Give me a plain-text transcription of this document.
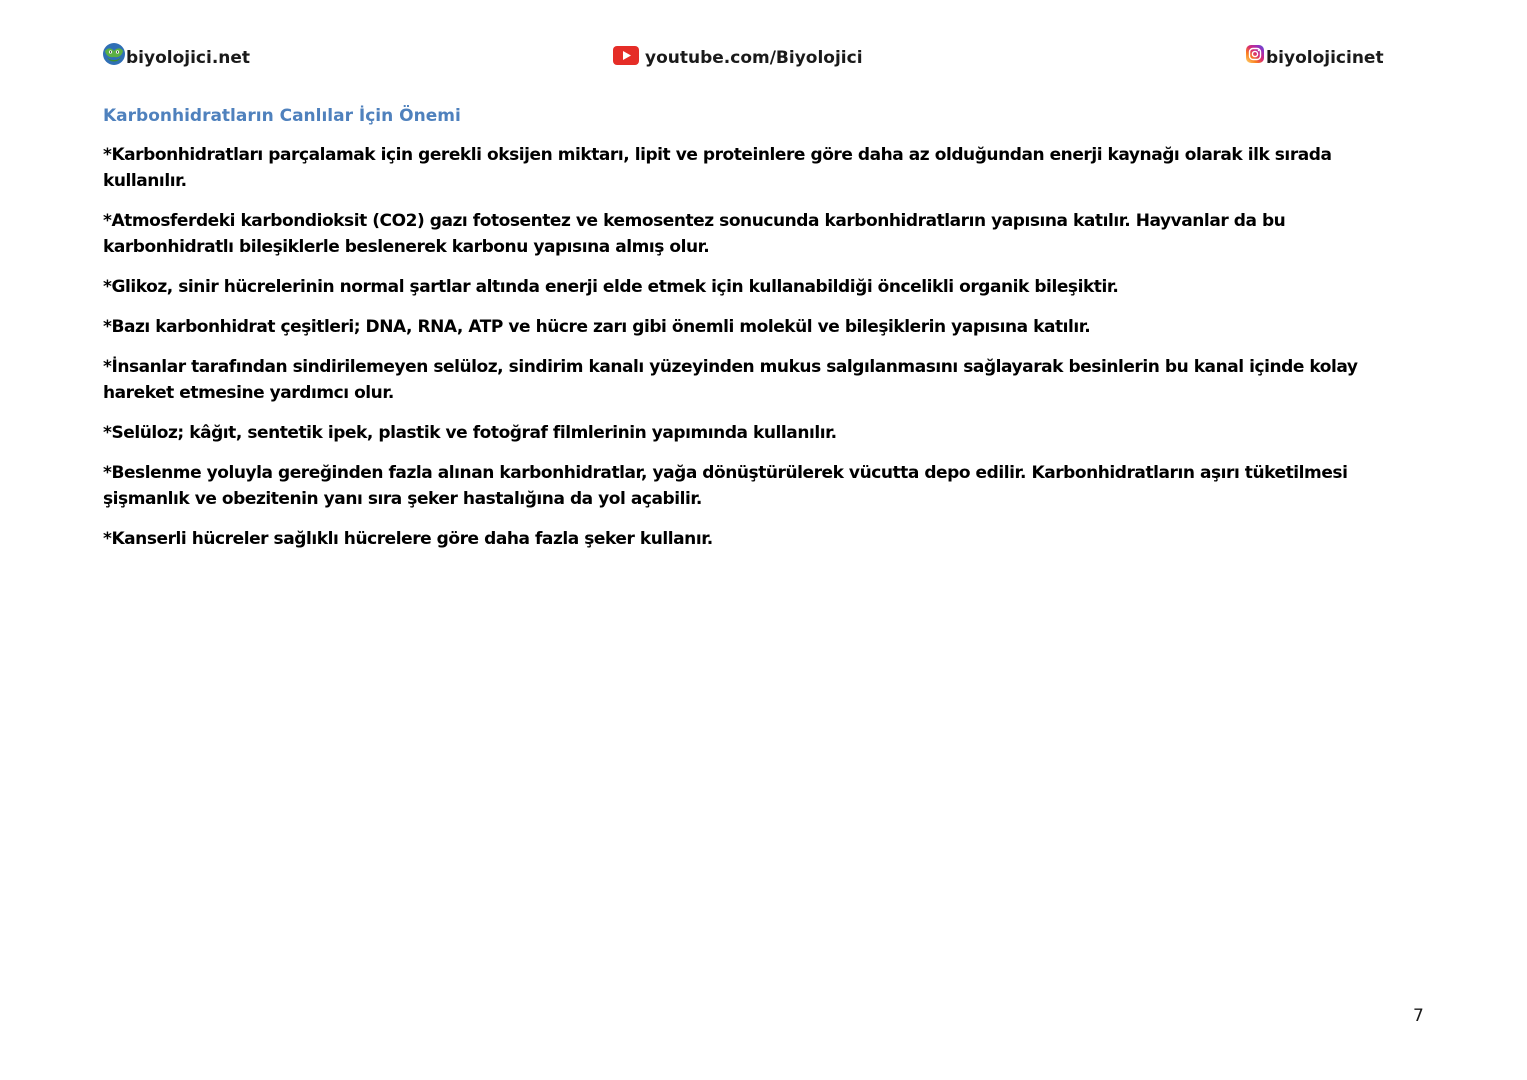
biyolojici.net	youtube.com/Biyolojici	biyolojicinet
Karbonhidratların Canlılar İçin Önemi

*Karbonhidratları parçalamak için gerekli oksijen miktarı, lipit ve proteinlere göre daha az olduğundan enerji kaynağı olarak ilk sırada kullanılır.

*Atmosferdeki karbondioksit (CO2) gazı fotosentez ve kemosentez sonucunda karbonhidratların yapısına katılır. Hayvanlar da bu karbonhidratlı bileşiklerle beslenerek karbonu yapısına almış olur.

*Glikoz, sinir hücrelerinin normal şartlar altında enerji elde etmek için kullanabildiği öncelikli organik bileşiktir.

*Bazı karbonhidrat çeşitleri; DNA, RNA, ATP ve hücre zarı gibi önemli molekül ve bileşiklerin yapısına katılır.

*İnsanlar tarafından sindirilemeyen selüloz, sindirim kanalı yüzeyinden mukus salgılanmasını sağlayarak besinlerin bu kanal içinde kolay hareket etmesine yardımcı olur.

*Selüloz; kâğıt, sentetik ipek, plastik ve fotoğraf filmlerinin yapımında kullanılır.

*Beslenme yoluyla gereğinden fazla alınan karbonhidratlar, yağa dönüştürülerek vücutta depo edilir. Karbonhidratların aşırı tüketilmesi şişmanlık ve obezitenin yanı sıra şeker hastalığına da yol açabilir.

*Kanserli hücreler sağlıklı hücrelere göre daha fazla şeker kullanır.

7
